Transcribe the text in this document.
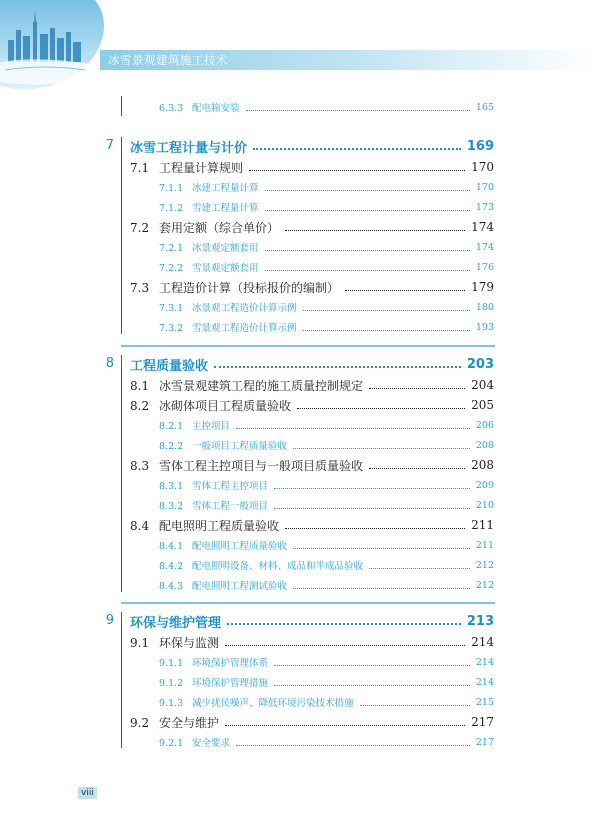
冰雪景观建筑施工技术
6.3.3 配电箱安装	165
7 冰雪工程计量与计价	169
7.1 工程量计算规则	170
7.1.1 冰建工程量计算	170
7.1.2 雪建工程量计算	173
7.2 套用定额（综合单价）	174
7.2.1 冰景观定额套用	174
7.2.2 雪景观定额套用	176
7.3 工程造价计算（投标报价的编制）	179
7.3.1 冰景观工程造价计算示例	180
7.3.2 雪景观工程造价计算示例	193
8 工程质量验收	203
8.1 冰雪景观建筑工程的施工质量控制规定	204
8.2 冰砌体项目工程质量验收	205
8.2.1 主控项目	206
8.2.2 一般项目工程质量验收	208
8.3 雪体工程主控项目与一般项目质量验收	208
8.3.1 雪体工程主控项目	209
8.3.2 雪体工程一般项目	210
8.4 配电照明工程质量验收	211
8.4.1 配电照明工程质量验收	211
8.4.2 配电照明设备、材料、成品和半成品验收	212
8.4.3 配电照明工程测试验收	212
9 环保与维护管理	213
9.1 环保与监测	214
9.1.1 环境保护管理体系	214
9.1.2 环境保护管理措施	214
9.1.3 减少扰民噪声、降低环境污染技术措施	215
9.2 安全与维护	217
9.2.1 安全要求	217
viii
